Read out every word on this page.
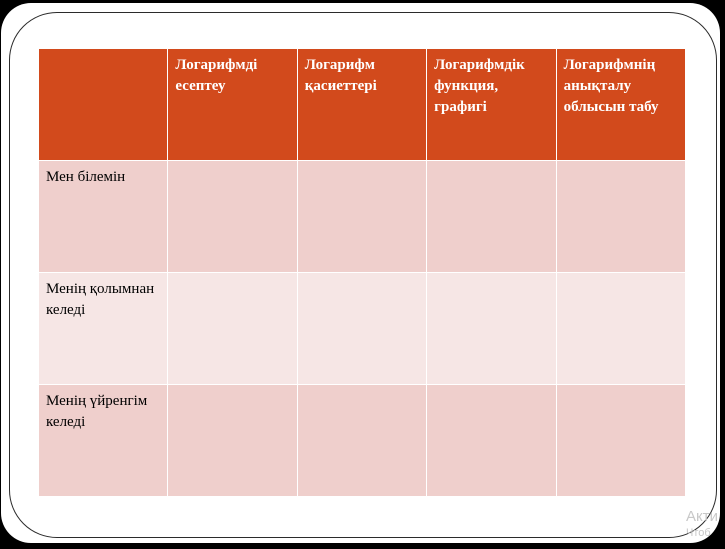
	Логарифмді есептеу	Логарифм қасиеттері	Логарифмдік функция, графигі	Логарифмнің анықталу облысын табу
Мен білемін				
Менің қолымнан келеді				
Менің үйренгім келеді				
Акти
Чтоб
